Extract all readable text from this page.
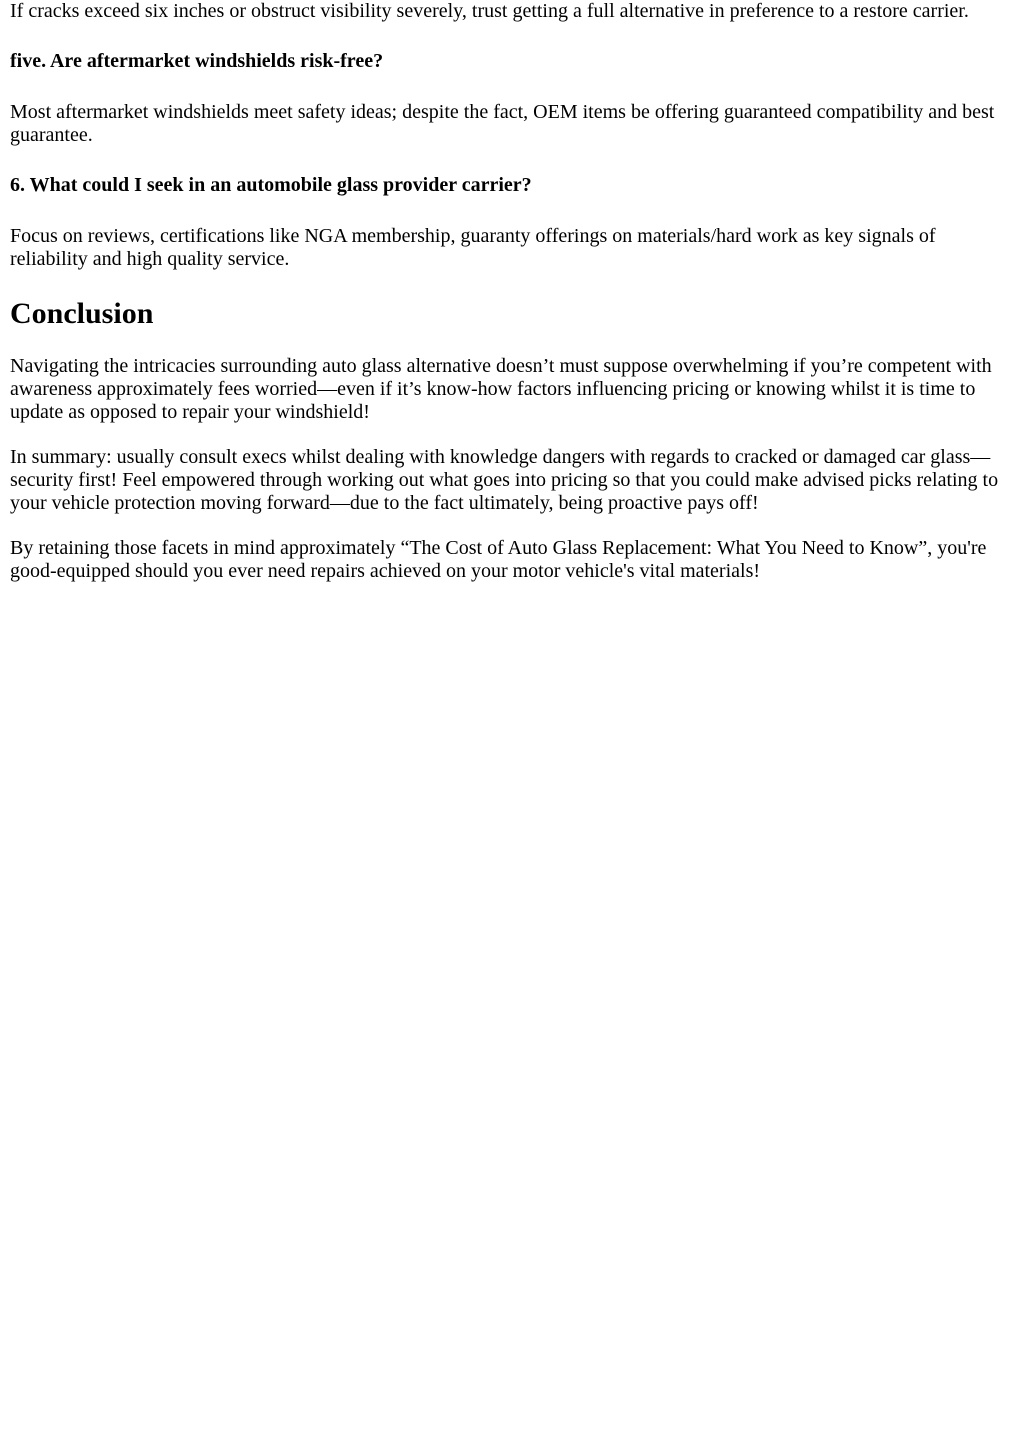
If cracks exceed six inches or obstruct visibility severely, trust getting a full alternative in preference to a restore carrier.

five. Are aftermarket windshields risk-free?

Most aftermarket windshields meet safety ideas; despite the fact, OEM items be offering guaranteed compatibility and best guarantee.

6. What could I seek in an automobile glass provider carrier?

Focus on reviews, certifications like NGA membership, guaranty offerings on materials/hard work as key signals of reliability and high quality service.

Conclusion

Navigating the intricacies surrounding auto glass alternative doesn’t must suppose overwhelming if you’re competent with awareness approximately fees worried—even if it’s know-how factors influencing pricing or knowing whilst it is time to update as opposed to repair your windshield!

In summary: usually consult execs whilst dealing with knowledge dangers with regards to cracked or damaged car glass—security first! Feel empowered through working out what goes into pricing so that you could make advised picks relating to your vehicle protection moving forward—due to the fact ultimately, being proactive pays off!

By retaining those facets in mind approximately “The Cost of Auto Glass Replacement: What You Need to Know”, you're good-equipped should you ever need repairs achieved on your motor vehicle's vital materials!
